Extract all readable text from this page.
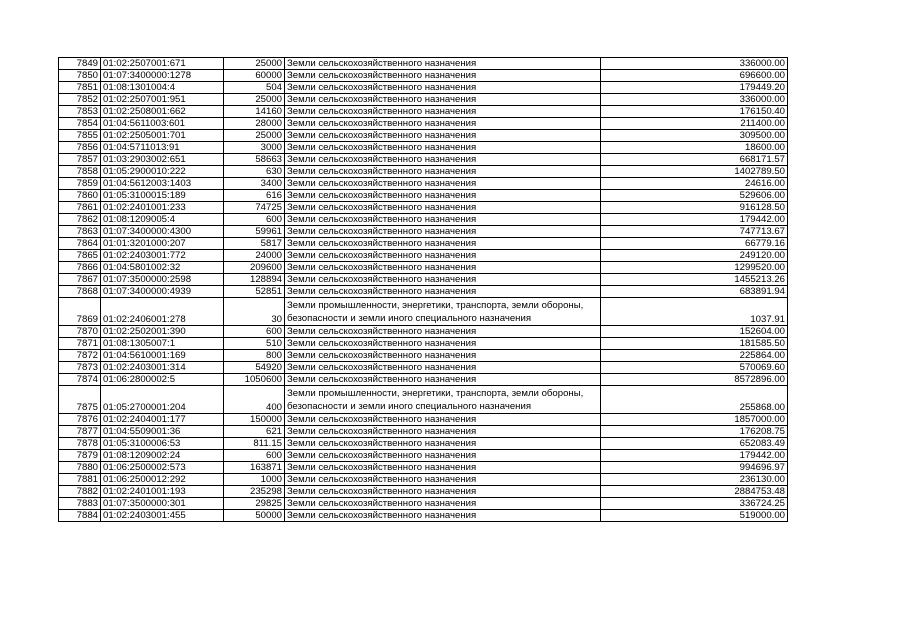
7849	01:02:2507001:671	25000	Земли сельскохозяйственного назначения	336000.00
7850	01:07:3400000:1278	60000	Земли сельскохозяйственного назначения	696600.00
7851	01:08:1301004:4	504	Земли сельскохозяйственного назначения	179449.20
7852	01:02:2507001:951	25000	Земли сельскохозяйственного назначения	336000.00
7853	01:02:2508001:662	14160	Земли сельскохозяйственного назначения	176150.40
7854	01:04:5611003:601	28000	Земли сельскохозяйственного назначения	211400.00
7855	01:02:2505001:701	25000	Земли сельскохозяйственного назначения	309500.00
7856	01:04:5711013:91	3000	Земли сельскохозяйственного назначения	18600.00
7857	01:03:2903002:651	58663	Земли сельскохозяйственного назначения	668171.57
7858	01:05:2900010:222	630	Земли сельскохозяйственного назначения	1402789.50
7859	01:04:5612003:1403	3400	Земли сельскохозяйственного назначения	24616.00
7860	01:05:3100015:189	616	Земли сельскохозяйственного назначения	529606.00
7861	01:02:2401001:233	74725	Земли сельскохозяйственного назначения	916128.50
7862	01:08:1209005:4	600	Земли сельскохозяйственного назначения	179442.00
7863	01:07:3400000:4300	59961	Земли сельскохозяйственного назначения	747713.67
7864	01:01:3201000:207	5817	Земли сельскохозяйственного назначения	66779.16
7865	01:02:2403001:772	24000	Земли сельскохозяйственного назначения	249120.00
7866	01:04:5801002:32	209600	Земли сельскохозяйственного назначения	1299520.00
7867	01:07:3500000:2598	128894	Земли сельскохозяйственного назначения	1455213.26
7868	01:07:3400000:4939	52851	Земли сельскохозяйственного назначения	683891.94
7869	01:02:2406001:278	30	Земли промышленности, энергетики, транспорта, земли обороны, безопасности и земли иного специального назначения	1037.91
7870	01:02:2502001:390	600	Земли сельскохозяйственного назначения	152604.00
7871	01:08:1305007:1	510	Земли сельскохозяйственного назначения	181585.50
7872	01:04:5610001:169	800	Земли сельскохозяйственного назначения	225864.00
7873	01:02:2403001:314	54920	Земли сельскохозяйственного назначения	570069.60
7874	01:06:2800002:5	1050600	Земли сельскохозяйственного назначения	8572896.00
7875	01:05:2700001:204	400	Земли промышленности, энергетики, транспорта, земли обороны, безопасности и земли иного специального назначения	255868.00
7876	01:02:2404001:177	150000	Земли сельскохозяйственного назначения	1857000.00
7877	01:04:5509001:36	621	Земли сельскохозяйственного назначения	176208.75
7878	01:05:3100006:53	811.15	Земли сельскохозяйственного назначения	652083.49
7879	01:08:1209002:24	600	Земли сельскохозяйственного назначения	179442.00
7880	01:06:2500002:573	163871	Земли сельскохозяйственного назначения	994696.97
7881	01:06:2500012:292	1000	Земли сельскохозяйственного назначения	236130.00
7882	01:02:2401001:193	235298	Земли сельскохозяйственного назначения	2884753.48
7883	01:07:3500000:301	29825	Земли сельскохозяйственного назначения	336724.25
7884	01:02:2403001:455	50000	Земли сельскохозяйственного назначения	519000.00
